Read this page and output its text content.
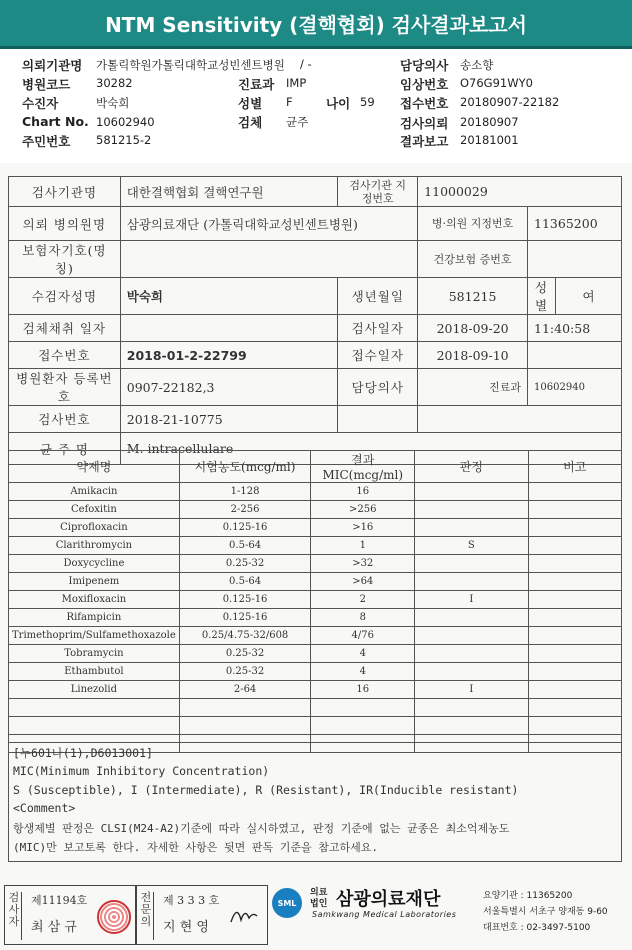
NTM Sensitivity (결핵협회) 검사결과보고서
의뢰기관명 가톨릭학원가톨릭대학교성빈센트병원 / -	담당의사 송소향
병원코드 30282	진료과 IMP	임상번호 O76G91WY0
수진자	박숙희	성별 F	나이 59 접수번호 20180907-22182
Chart No. 10602940	검체 균주	검사의뢰 20180907
주민번호 581215-2	결과보고 20181001
검사기관명	대한결핵협회 결핵연구원	검사기관 지정번호	11000029		
의뢰 병의원명	삼광의료재단 (가톨릭대학교성빈센트병원)		병·의원 지정번호	11365200	
보험자기호(명칭)			건강보험 증번호		
수검자성명	박숙희	생년월일	581215	성별	여
검체채취 일자		검사일자	2018-09-20	11:40:58	
접수번호	2018-01-2-22799	접수일자	2018-09-10		
병원환자 등록번호	0907-22182,3	담당의사	진료과	10602940	
검사번호	2018-21-10775				
균 주 명	M. intracellulare				
약제명	시험농도(mcg/ml)	결과 MIC(mcg/ml)	판정	비고
Amikacin	1-128	16		
Cefoxitin	2-256	>256		
Ciprofloxacin	0.125-16	>16		
Clarithromycin	0.5-64	1	S	
Doxycycline	0.25-32	>32		
Imipenem	0.5-64	>64		
Moxifloxacin	0.125-16	2	I	
Rifampicin	0.125-16	8		
Trimethoprim/Sulfamethoxazole	0.25/4.75-32/608	4/76		
Tobramycin	0.25-32	4		
Ethambutol	0.25-32	4		
Linezolid	2-64	16	I	

[누601나(1),D6013001]
MIC(Minimum Inhibitory Concentration)
S (Susceptible), I (Intermediate), R (Resistant), IR(Inducible resistant)
<Comment>
항생제별 판정은 CLSI(M24-A2)기준에 따라 실시하였고, 판정 기준에 없는 균종은 최소억제농도
(MIC)만 보고토록 한다. 자세한 사항은 뒷면 판독 기준을 참고하세요.
검사자
제11194호
최 삼 규
전문의
제 3 3 3 호
지 현 영
SML
의료 법인 삼광의료재단
Samkwang Medical Laboratories
요양기관 : 11365200
서울특별시 서초구 양재동 9-60
대표번호 : 02-3497-5100
